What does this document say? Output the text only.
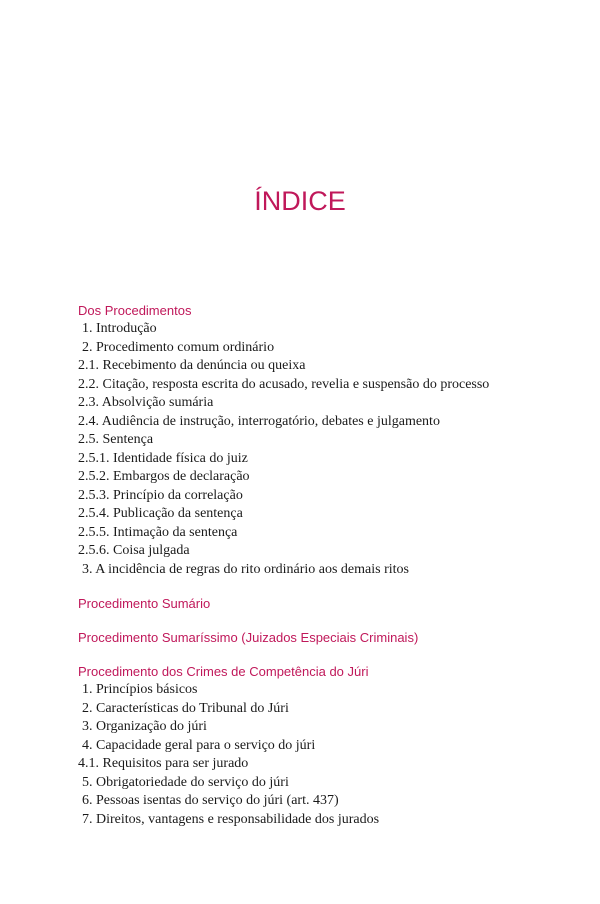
ÍNDICE
Dos Procedimentos
1. Introdução
2. Procedimento comum ordinário
2.1. Recebimento da denúncia ou queixa
2.2. Citação, resposta escrita do acusado, revelia e suspensão do processo
2.3. Absolvição sumária
2.4. Audiência de instrução, interrogatório, debates e julgamento
2.5. Sentença
2.5.1. Identidade física do juiz
2.5.2. Embargos de declaração
2.5.3. Princípio da correlação
2.5.4. Publicação da sentença
2.5.5. Intimação da sentença
2.5.6. Coisa julgada
3. A incidência de regras do rito ordinário aos demais ritos
Procedimento Sumário
Procedimento Sumaríssimo (Juizados Especiais Criminais)
Procedimento dos Crimes de Competência do Júri
1. Princípios básicos
2. Características do Tribunal do Júri
3. Organização do júri
4. Capacidade geral para o serviço do júri
4.1. Requisitos para ser jurado
5. Obrigatoriedade do serviço do júri
6. Pessoas isentas do serviço do júri (art. 437)
7. Direitos, vantagens e responsabilidade dos jurados
